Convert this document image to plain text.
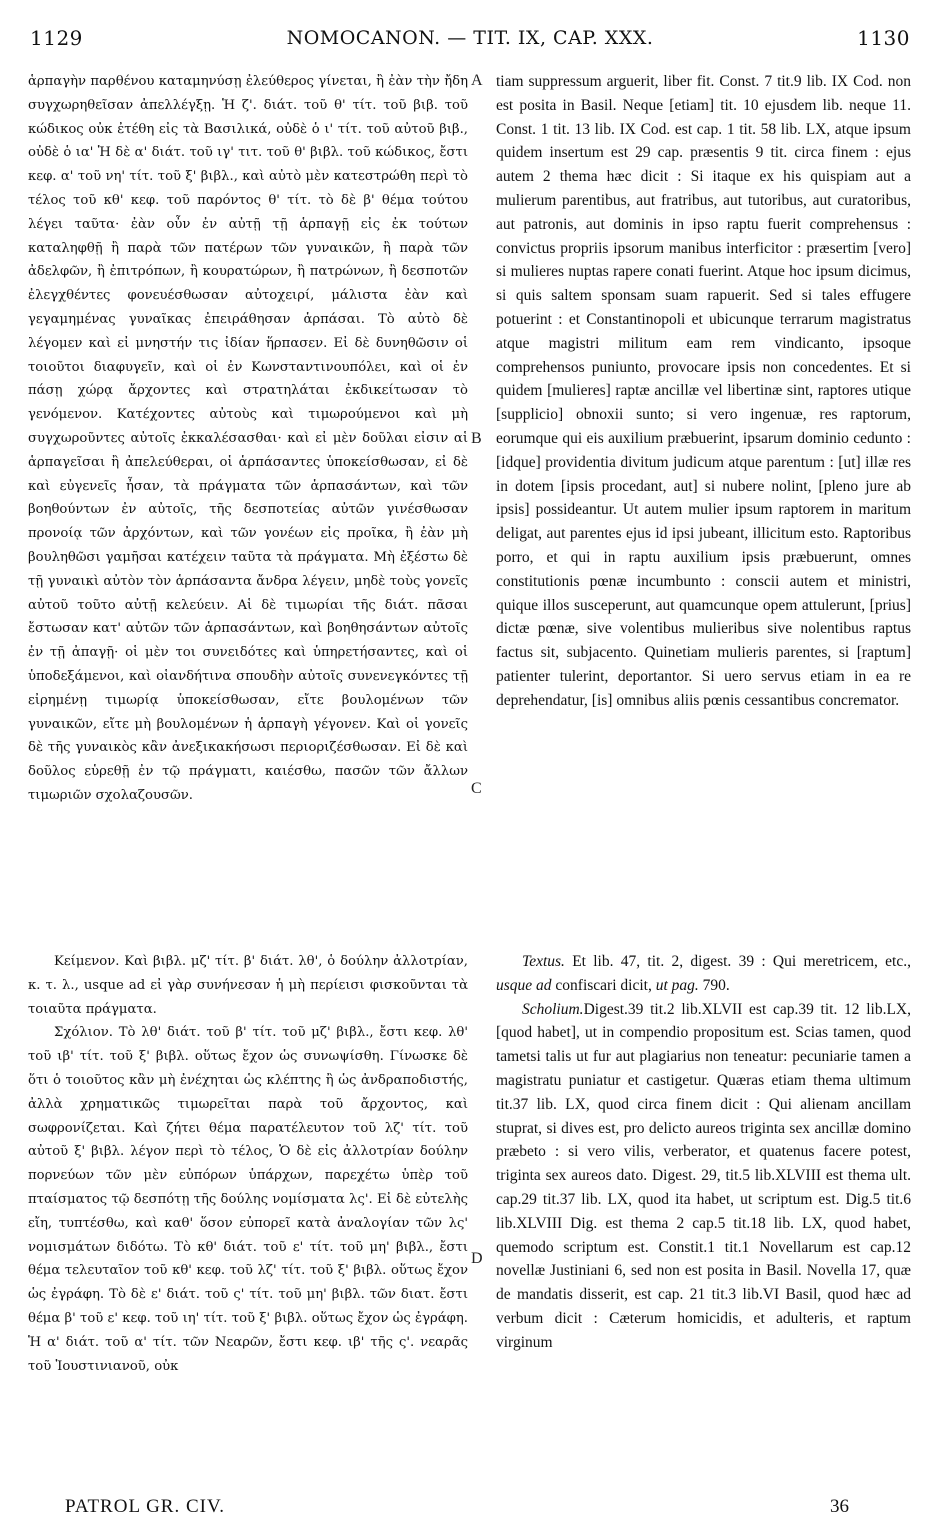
1129	NOMOCANON. — TIT. IX, CAP. XXX.	1130

ἁρπαγὴν παρθένου καταμηνύσῃ ἐλεύθερος γίνεται, ἢ ἐὰν τὴν ἤδη συγχωρηθεῖσαν ἀπελλέγξῃ. Ἡ ζ'. διάτ. τοῦ θ' τίτ. τοῦ βιβ. τοῦ κώδικος οὐκ ἐτέθη εἰς τὰ Βασιλικά, οὐδὲ ὁ ι' τίτ. τοῦ αὐτοῦ βιβ., οὐδὲ ὁ ια' Ἡ δὲ α' διάτ. τοῦ ιγ' τιτ. τοῦ θ' βιβλ. τοῦ κώδικος, ἔστι κεφ. α' τοῦ νη' τίτ. τοῦ ξ' βιβλ., καὶ αὐτὸ μὲν κατεστρώθη περὶ τὸ τέλος τοῦ κθ' κεφ. τοῦ παρόντος θ' τίτ. τὸ δὲ β' θέμα τούτου λέγει ταῦτα· ἐὰν οὖν ἐν αὐτῇ τῇ ἁρπαγῇ εἰς ἐκ τούτων καταληφθῇ ἢ παρὰ τῶν πατέρων τῶν γυναικῶν, ἢ παρὰ τῶν ἀδελφῶν, ἢ ἐπιτρόπων, ἢ κουρατώρων, ἢ πατρώνων, ἢ δεσποτῶν ἐλεγχθέντες φονευέσθωσαν αὐτοχειρί, μάλιστα ἐὰν καὶ γεγαμημένας γυναῖκας ἐπειράθησαν ἁρπάσαι. Τὸ αὐτὸ δὲ λέγομεν καὶ εἰ μνηστήν τις ἰδίαν ἥρπασεν. Εἰ δὲ δυνηθῶσιν οἱ τοιοῦτοι διαφυγεῖν, καὶ οἱ ἐν Κωνσταντινουπόλει, καὶ οἱ ἐν πάσῃ χώρᾳ ἄρχοντες καὶ στρατηλάται ἐκδικείτωσαν τὸ γενόμενον. Κατέχοντες αὐτοὺς καὶ τιμωρούμενοι καὶ μὴ συγχωροῦντες αὐτοῖς ἐκκαλέσασθαι· καὶ εἰ μὲν δοῦλαι εἰσιν αἱ ἁρπαγεῖσαι ἢ ἀπελεύθεραι, οἱ ἁρπάσαντες ὑποκείσθωσαν, εἰ δὲ καὶ εὐγενεῖς ἦσαν, τὰ πράγματα τῶν ἁρπασάντων, καὶ τῶν βοηθούντων ἐν αὐτοῖς, τῆς δεσποτείας αὐτῶν γινέσθωσαν προνοίᾳ τῶν ἀρχόντων, καὶ τῶν γονέων εἰς προῖκα, ἢ ἐὰν μὴ βουληθῶσι γαμῆσαι κατέχειν ταῦτα τὰ πράγματα. Μὴ ἐξέστω δὲ τῇ γυναικὶ αὐτὸν τὸν ἁρπάσαντα ἄνδρα λέγειν, μηδὲ τοὺς γονεῖς αὐτοῦ τοῦτο αὐτῇ κελεύειν. Αἱ δὲ τιμωρίαι τῆς διάτ. πᾶσαι ἔστωσαν κατ' αὐτῶν τῶν ἁρπασάντων, καὶ βοηθησάντων αὐτοῖς ἐν τῇ ἀπαγῇ· οἱ μὲν τοι συνειδότες καὶ ὑπηρετήσαντες, καὶ οἱ ὑποδεξάμενοι, καὶ οἱανδήτινα σπουδὴν αὐτοῖς συνενεγκόντες τῇ εἰρημένῃ τιμωρίᾳ ὑποκείσθωσαν, εἴτε βουλομένων τῶν γυναικῶν, εἴτε μὴ βουλομένων ἡ ἁρπαγὴ γέγονεν. Καὶ οἱ γονεῖς δὲ τῆς γυναικὸς κἂν ἀνεξικακήσωσι περιοριζέσθωσαν. Εἰ δὲ καὶ δοῦλος εὑρεθῇ ἐν τῷ πράγματι, καιέσθω, πασῶν τῶν ἄλλων τιμωριῶν σχολαζουσῶν.

A
B
C
D

tiam suppressum arguerit, liber fit. Const. 7 tit.9 lib. IX Cod. non est posita in Basil. Neque [etiam] tit. 10 ejusdem lib. neque 11. Const. 1 tit. 13 lib. IX Cod. est cap. 1 tit. 58 lib. LX, atque ipsum quidem insertum est 29 cap. præsentis 9 tit. circa finem : ejus autem 2 thema hæc dicit : Si itaque ex his quispiam aut a mulierum parentibus, aut fratribus, aut tutoribus, aut curatoribus, aut patronis, aut dominis in ipso raptu fuerit comprehensus : convictus propriis ipsorum manibus interficitor : præsertim [vero] si mulieres nuptas rapere conati fuerint. Atque hoc ipsum dicimus, si quis saltem sponsam suam rapuerit. Sed si tales effugere potuerint : et Constantinopoli et ubicunque terrarum magistratus atque magistri militum eam rem vindicanto, ipsoque comprehensos puniunto, provocare ipsis non concedentes. Et si quidem [mulieres] raptæ ancillæ vel libertinæ sint, raptores utique [supplicio] obnoxii sunto; si vero ingenuæ, res raptorum, eorumque qui eis auxilium præbuerint, ipsarum dominio cedunto : [idque] providentia divitum judicum atque parentum : [ut] illæ res in dotem [ipsis procedant, aut] si nubere nolint, [pleno jure ab ipsis] possideantur. Ut autem mulier ipsum raptorem in maritum deligat, aut parentes ejus id ipsi jubeant, illicitum esto. Raptoribus porro, et qui in raptu auxilium ipsis præbuerunt, omnes constitutionis pœnæ incumbunto : conscii autem et ministri, quique illos susceperunt, aut quamcunque opem attulerunt, [prius] dictæ pœnæ, sive volentibus mulieribus sive nolentibus raptus factus sit, subjacento. Quinetiam mulieris parentes, si [raptum] patienter tulerint, deportantor. Si uero servus etiam in ea re deprehendatur, [is] omnibus aliis pœnis cessantibus concremator.

Κείμενον. Καὶ βιβλ. μζ' τίτ. β' διάτ. λθ', ὁ δούλην ἀλλοτρίαν, κ. τ. λ., usque ad εἰ γὰρ συνήνεσαν ἡ μὴ περίεισι φισκοῦνται τὰ τοιαῦτα πράγματα.

Σχόλιον. Τὸ λθ' διάτ. τοῦ β' τίτ. τοῦ μζ' βιβλ., ἔστι κεφ. λθ' τοῦ ιβ' τίτ. τοῦ ξ' βιβλ. οὕτως ἔχον ὡς συνωψίσθη. Γίνωσκε δὲ ὅτι ὁ τοιοῦτος κἂν μὴ ἐνέχηται ὡς κλέπτης ἢ ὡς ἀνδραποδιστής, ἀλλὰ χρηματικῶς τιμωρεῖται παρὰ τοῦ ἄρχοντος, καὶ σωφρονίζεται. Καὶ ζήτει θέμα παρατέλευτον τοῦ λζ' τίτ. τοῦ αὐτοῦ ξ' βιβλ. λέγον περὶ τὸ τέλος, Ὁ δὲ εἰς ἀλλοτρίαν δούλην πορνεύων τῶν μὲν εὐπόρων ὑπάρχων, παρεχέτω ὑπὲρ τοῦ πταίσματος τῷ δεσπότῃ τῆς δούλης νομίσματα λς'. Εἰ δὲ εὐτελὴς εἴη, τυπτέσθω, καὶ καθ' ὅσον εὐπορεῖ κατὰ ἀναλογίαν τῶν λς' νομισμάτων διδότω. Τὸ κθ' διάτ. τοῦ ε' τίτ. τοῦ μη' βιβλ., ἔστι θέμα τελευταῖον τοῦ κθ' κεφ. τοῦ λζ' τίτ. τοῦ ξ' βιβλ. οὕτως ἔχον ὡς ἐγράφη. Τὸ δὲ ε' διάτ. τοῦ ς' τίτ. τοῦ μη' βιβλ. τῶν διατ. ἔστι θέμα β' τοῦ ε' κεφ. τοῦ ιη' τίτ. τοῦ ξ' βιβλ. οὕτως ἔχον ὡς ἐγράφη. Ἡ α' διάτ. τοῦ α' τίτ. τῶν Νεαρῶν, ἔστι κεφ. ιβ' τῆς ς'. νεαρᾶς τοῦ Ἰουστινιανοῦ, οὐκ

Textus. Et lib. 47, tit. 2, digest. 39 : Qui meretricem, etc., usque ad confiscari dicit, ut pag. 790.

Scholium.Digest.39 tit.2 lib.XLVII est cap.39 tit. 12 lib.LX,[quod habet], ut in compendio propositum est. Scias tamen, quod tametsi talis ut fur aut plagiarius non teneatur: pecuniarie tamen a magistratu puniatur et castigetur. Quæras etiam thema ultimum tit.37 lib. LX, quod circa finem dicit : Qui alienam ancillam stuprat, si dives est, pro delicto aureos triginta sex ancillæ domino præbeto : si vero vilis, verberator, et quatenus facere potest, triginta sex aureos dato. Digest. 29, tit.5 lib.XLVIII est thema ult. cap.29 tit.37 lib. LX, quod ita habet, ut scriptum est. Dig.5 tit.6 lib.XLVIII Dig. est thema 2 cap.5 tit.18 lib. LX, quod habet, quemodo scriptum est. Constit.1 tit.1 Novellarum est cap.12 novellæ Justiniani 6, sed non est posita in Basil. Novella 17, quæ de mandatis disserit, est cap. 21 tit.3 lib.VI Basil, quod hæc ad verbum dicit : Cæterum homicidis, et adulteris, et raptum virginum

PATROL GR. CIV.	36
